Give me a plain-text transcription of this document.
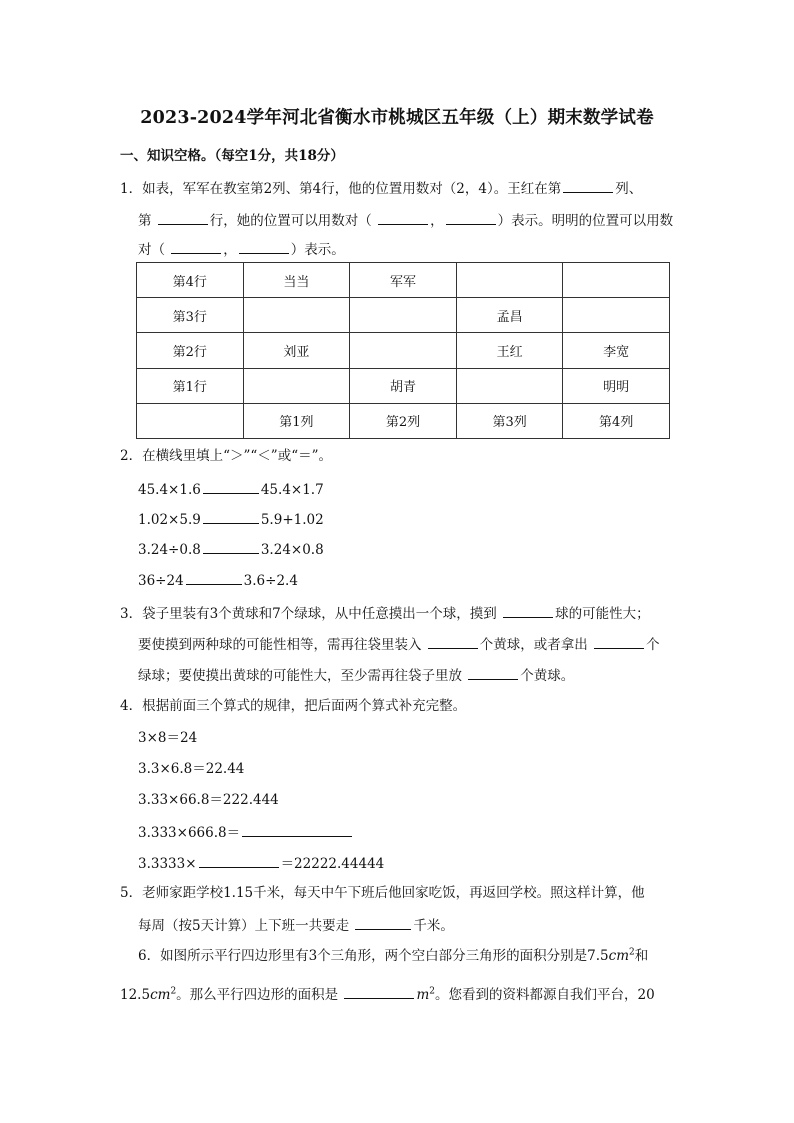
2023-2024学年河北省衡水市桃城区五年级（上）期末数学试卷
一、知识空格。（每空1分，共18分）
1．如表，军军在教室第2列、第4行，他的位置用数对（2，4）。王红在第	列、
第	行，她的位置可以用数对（	，	）表示。明明的位置可以用数
对（	，	）表示。
第4行	当当	军军		
第3行			孟昌	
第2行	刘亚		王红	李宽
第1行		胡青		明明
	第1列	第2列	第3列	第4列
2．在横线里填上“＞”“＜”或“＝”。
45.4×1.6	45.4×1.7
1.02×5.9	5.9+1.02
3.24÷0.8	3.24×0.8
36÷24	3.6÷2.4
3．袋子里装有3个黄球和7个绿球，从中任意摸出一个球，摸到	球的可能性大；
要使摸到两种球的可能性相等，需再往袋里装入	个黄球，或者拿出	个
绿球；要使摸出黄球的可能性大，至少需再往袋子里放	个黄球。
4．根据前面三个算式的规律，把后面两个算式补充完整。
3×8＝24
3.3×6.8＝22.44
3.33×66.8＝222.444
3.333×666.8＝
3.3333×	＝22222.44444
5．老师家距学校1.15千米，每天中午下班后他回家吃饭，再返回学校。照这样计算，他
每周（按5天计算）上下班一共要走	千米。
6．如图所示平行四边形里有3个三角形，两个空白部分三角形的面积分别是$7.5cm^2$和
$12.5cm^2$。那么平行四边形的面积是	$m^2$。您看到的资料都源自我们平台，20
